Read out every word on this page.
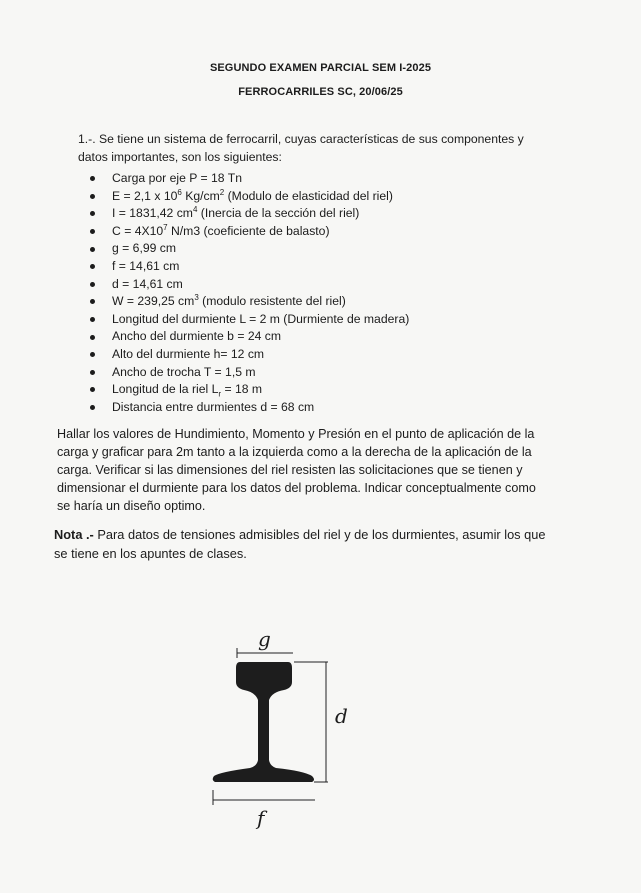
SEGUNDO EXAMEN PARCIAL SEM I-2025
FERROCARRILES SC, 20/06/25
1.-. Se tiene un sistema de ferrocarril, cuyas características de sus componentes y
datos importantes, son los siguientes:
Carga por eje P = 18 Tn
E = 2,1 x $10^6$ $Kg/cm^2$ (Modulo de elasticidad del riel)
I = 1831,42 $cm^4$ (Inercia de la sección del riel)
$C = 4X10^7$ N/m3 (coeficiente de balasto)
g = 6,99 cm
f = 14,61 cm
d = 14,61 cm
W = 239,25 $cm^3$ (modulo resistente del riel)
Longitud del durmiente L = 2 m (Durmiente de madera)
Ancho del durmiente b = 24 cm
Alto del durmiente h= 12 cm
Ancho de trocha T = 1,5 m
Longitud de la riel $L_r = 18$ m
Distancia entre durmientes d = 68 cm
Hallar los valores de Hundimiento, Momento y Presión en el punto de aplicación de la
carga y graficar para 2m tanto a la izquierda como a la derecha de la aplicación de la
carga. Verificar si las dimensiones del riel resisten las solicitaciones que se tienen y
dimensionar el durmiente para los datos del problema. Indicar conceptualmente como
se haría un diseño optimo.
Nota .- Para datos de tensiones admisibles del riel y de los durmientes, asumir los que
se tiene en los apuntes de clases.
g
d
f
